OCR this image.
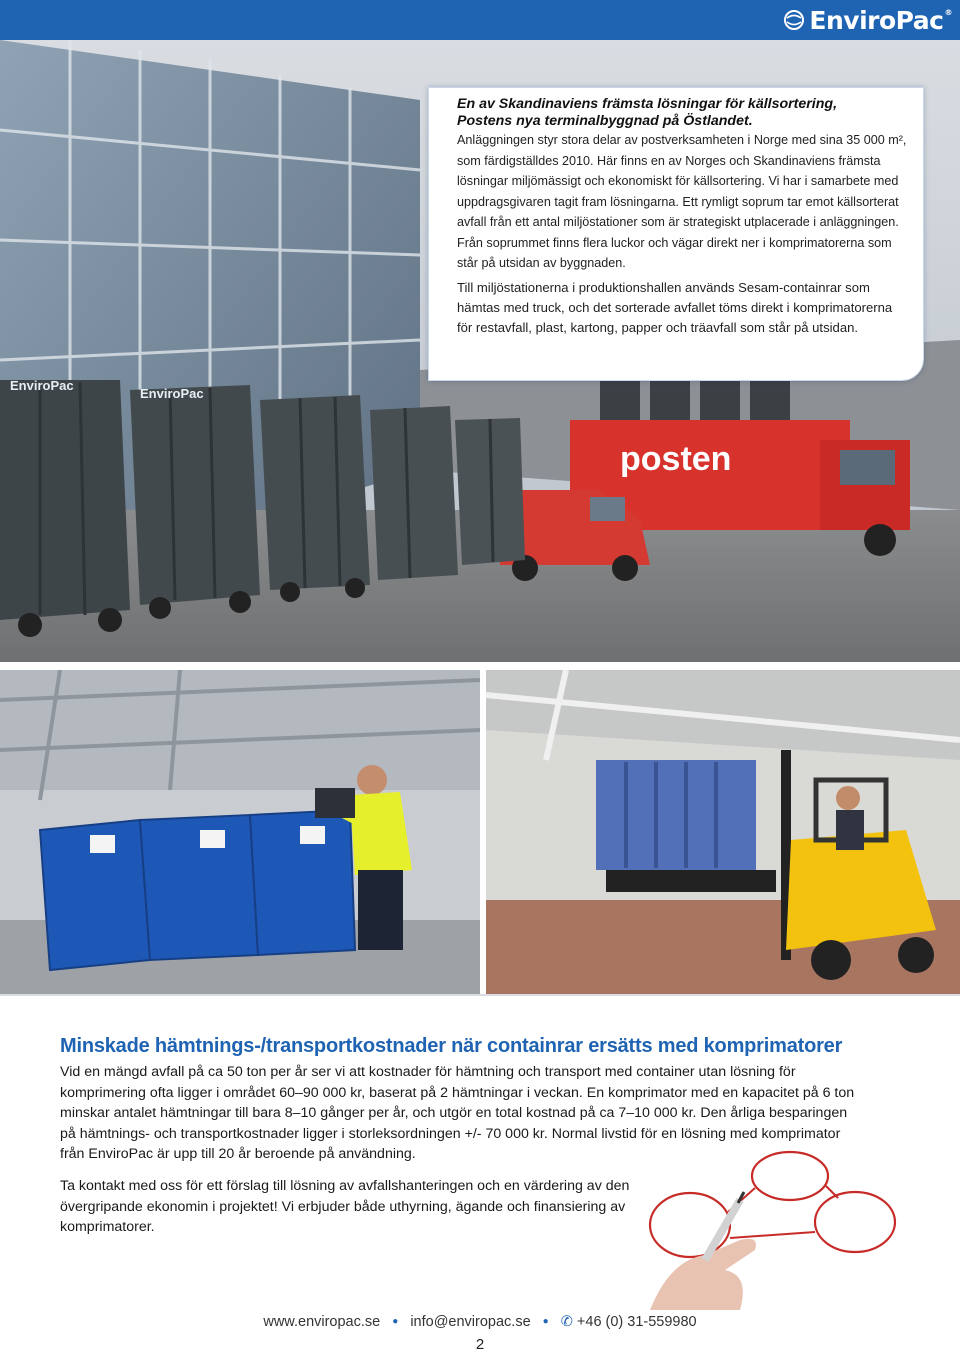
EnviroPac®
posten
EnviroPac
EnviroPac
En av Skandinaviens främsta lösningar för källsortering,
Postens nya terminalbyggnad på Östlandet.

Anläggningen styr stora delar av postverksamheten i Norge med sina 35 000 m², som färdigställdes 2010. Här finns en av Norges och Skandinaviens främsta lösningar miljömässigt och ekonomiskt för källsortering. Vi har i samarbete med uppdragsgivaren tagit fram lösningarna. Ett rymligt soprum tar emot källsorterat avfall från ett antal miljöstationer som är strategiskt utplacerade i anläggningen. Från soprummet finns flera luckor och vägar direkt ner i komprimatorerna som står på utsidan av byggnaden.

Till miljöstationerna i produktionshallen används Sesam-containrar som hämtas med truck, och det sorterade avfallet töms direkt i komprimatorerna för restavfall, plast, kartong, papper och träavfall som står på utsidan.

Minskade hämtnings-/transportkostnader när containrar ersätts med komprimatorer

Vid en mängd avfall på ca 50 ton per år ser vi att kostnader för hämtning och transport med container utan lösning för komprimering ofta ligger i området 60–90 000 kr, baserat på 2 hämtningar i veckan. En komprimator med en kapacitet på 6 ton minskar antalet hämtningar till bara 8–10 gånger per år, och utgör en total kostnad på ca 7–10 000 kr. Den årliga besparingen på hämtnings- och transportkostnader ligger i storleksordningen +/- 70 000 kr. Normal livstid för en lösning med komprimator från EnviroPac är upp till 20 år beroende på användning.

Ta kontakt med oss för ett förslag till lösning av avfallshanteringen och en värdering av den övergripande ekonomin i projektet! Vi erbjuder både uthyrning, ägande och finansiering av komprimatorer.

www.enviropac.se ● info@enviropac.se ● ✆ +46 (0) 31-559980
2
